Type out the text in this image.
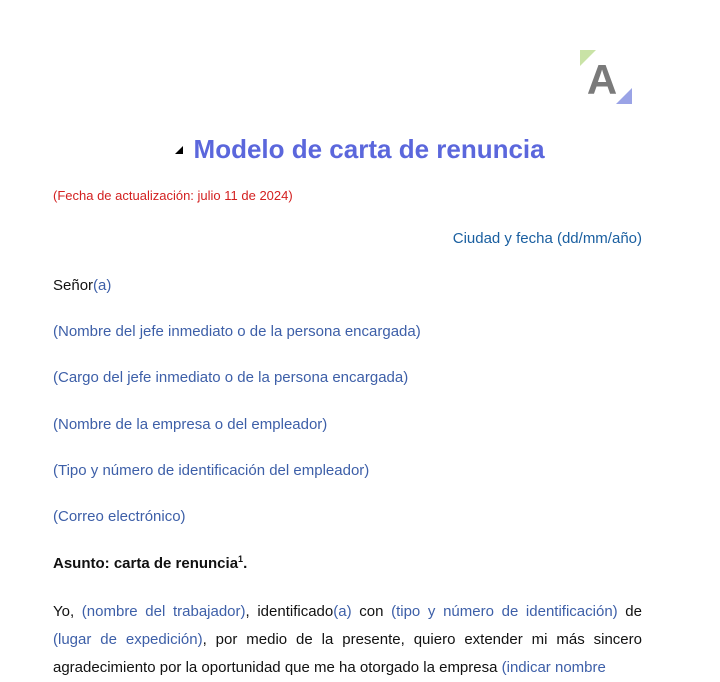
A
Modelo de carta de renuncia
(Fecha de actualización: julio 11 de 2024)
Ciudad y fecha (dd/mm/año)
Señor(a)
(Nombre del jefe inmediato o de la persona encargada)
(Cargo del jefe inmediato o de la persona encargada)
(Nombre de la empresa o del empleador)
(Tipo y número de identificación del empleador)
(Correo electrónico)
Asunto: carta de renuncia$^1$.
Yo, (nombre del trabajador), identificado(a) con (tipo y número de identificación) de (lugar de expedición), por medio de la presente, quiero extender mi más sincero agradecimiento por la oportunidad que me ha otorgado la empresa (indicar nombre
